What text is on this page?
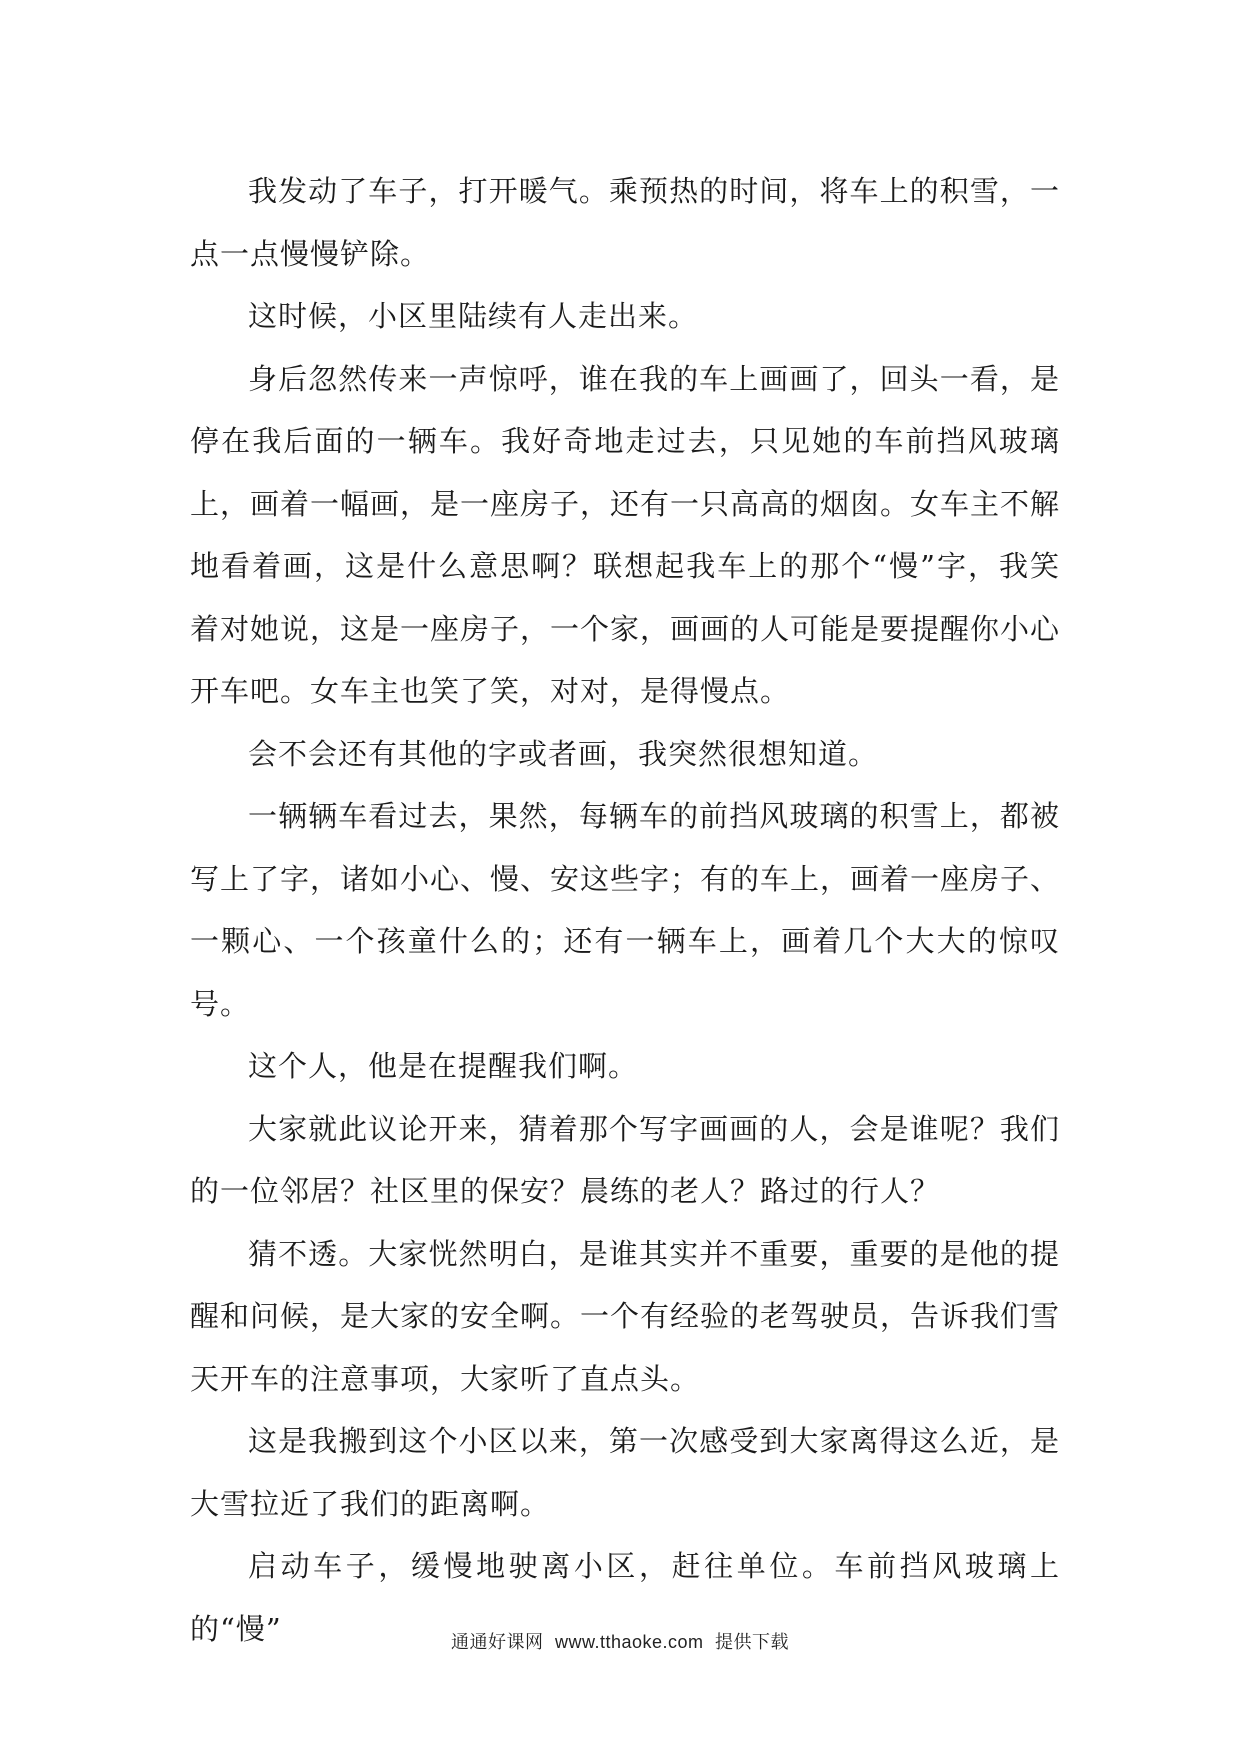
我发动了车子，打开暖气。乘预热的时间，将车上的积雪，一点一点慢慢铲除。

这时候，小区里陆续有人走出来。

身后忽然传来一声惊呼，谁在我的车上画画了，回头一看，是停在我后面的一辆车。我好奇地走过去，只见她的车前挡风玻璃上，画着一幅画，是一座房子，还有一只高高的烟囱。女车主不解地看着画，这是什么意思啊？联想起我车上的那个“慢”字，我笑着对她说，这是一座房子，一个家，画画的人可能是要提醒你小心开车吧。女车主也笑了笑，对对，是得慢点。

会不会还有其他的字或者画，我突然很想知道。

一辆辆车看过去，果然，每辆车的前挡风玻璃的积雪上，都被写上了字，诸如小心、慢、安这些字；有的车上，画着一座房子、一颗心、一个孩童什么的；还有一辆车上，画着几个大大的惊叹号。

这个人，他是在提醒我们啊。

大家就此议论开来，猜着那个写字画画的人，会是谁呢？我们的一位邻居？社区里的保安？晨练的老人？路过的行人？

猜不透。大家恍然明白，是谁其实并不重要，重要的是他的提醒和问候，是大家的安全啊。一个有经验的老驾驶员，告诉我们雪天开车的注意事项，大家听了直点头。

这是我搬到这个小区以来，第一次感受到大家离得这么近，是大雪拉近了我们的距离啊。

启动车子，缓慢地驶离小区，赶往单位。车前挡风玻璃上的“慢”	通通好课网 www.tthaoke.com 提供下载
